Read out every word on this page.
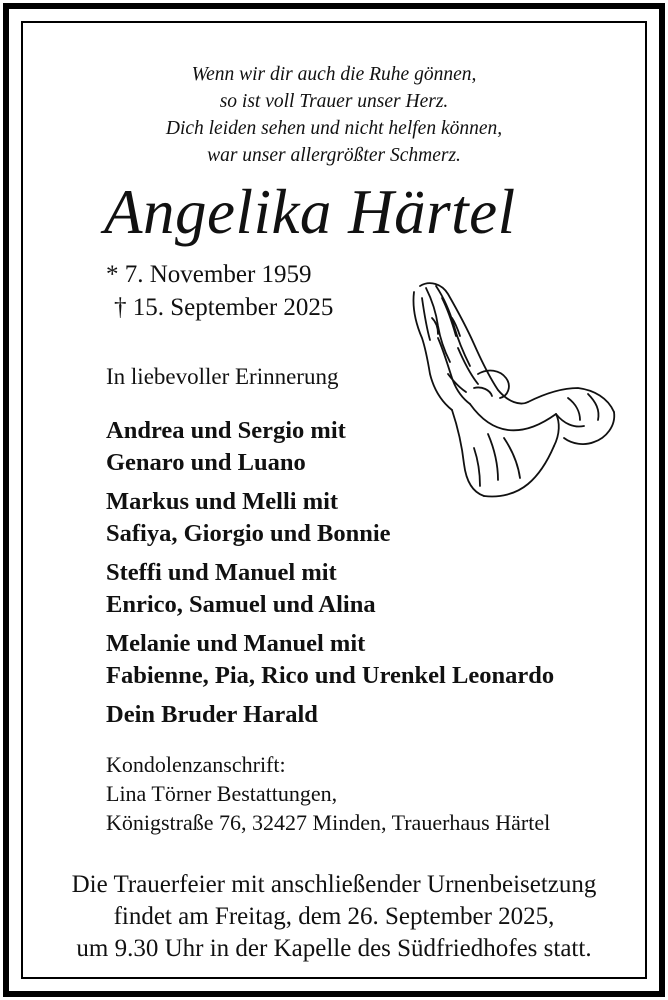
Wenn wir dir auch die Ruhe gönnen,
so ist voll Trauer unser Herz.
Dich leiden sehen und nicht helfen können,
war unser allergrößter Schmerz.
Angelika Härtel
* 7. November 1959
† 15. September 2025
In liebevoller Erinnerung
Andrea und Sergio mit
Genaro und Luano
Markus und Melli mit
Safiya, Giorgio und Bonnie
Steffi und Manuel mit
Enrico, Samuel und Alina
Melanie und Manuel mit
Fabienne, Pia, Rico und Urenkel Leonardo
Dein Bruder Harald
Kondolenzanschrift:
Lina Törner Bestattungen,
Königstraße 76, 32427 Minden, Trauerhaus Härtel
Die Trauerfeier mit anschließender Urnenbeisetzung
findet am Freitag, dem 26. September 2025,
um 9.30 Uhr in der Kapelle des Südfriedhofes statt.
